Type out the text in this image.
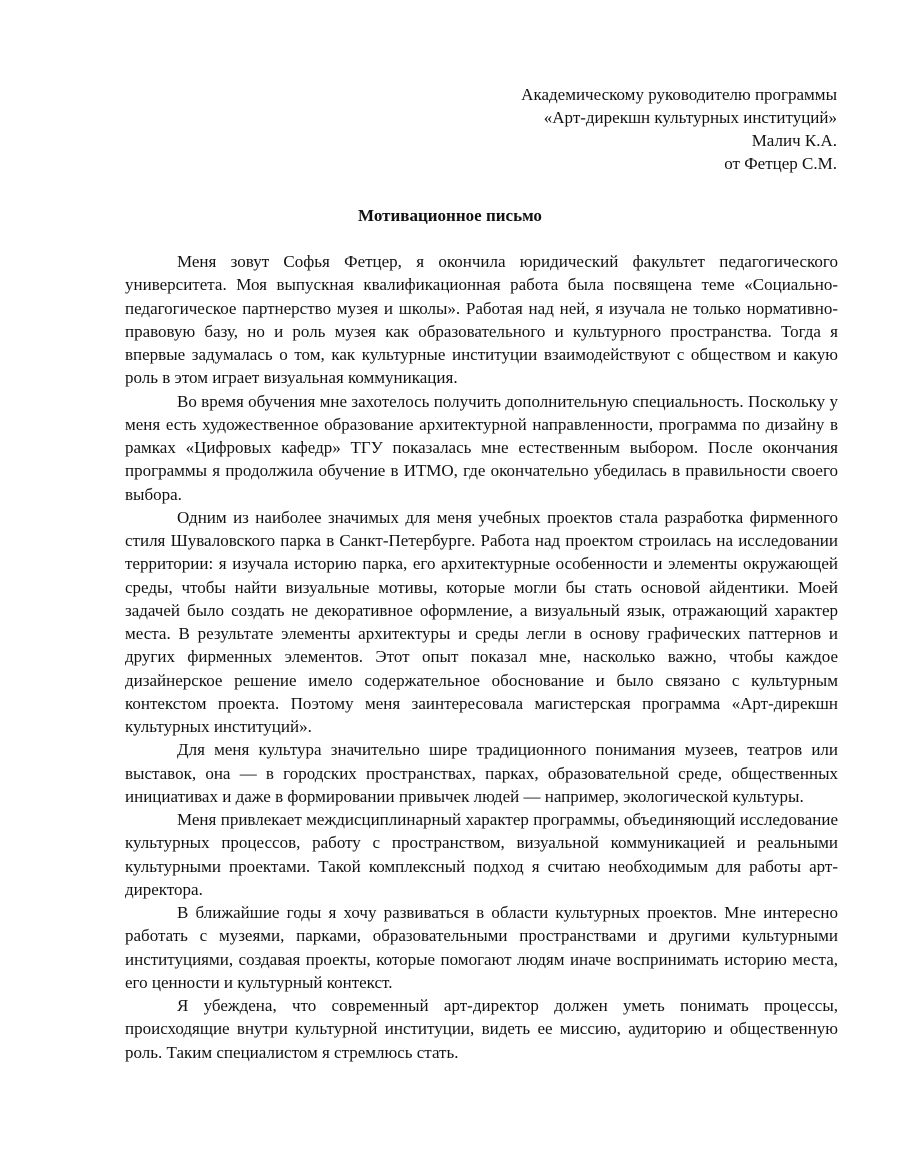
Академическому руководителю программы
«Арт-дирекшн культурных институций»
Малич К.А.
от Фетцер С.М.
Мотивационное письмо

Меня зовут Софья Фетцер, я окончила юридический факультет педагогического университета. Моя выпускная квалификационная работа была посвящена теме «Социально-педагогическое партнерство музея и школы». Работая над ней, я изучала не только нормативно-правовую базу, но и роль музея как образовательного и культурного пространства. Тогда я впервые задумалась о том, как культурные институции взаимодействуют с обществом и какую роль в этом играет визуальная коммуникация.

Во время обучения мне захотелось получить дополнительную специальность. Поскольку у меня есть художественное образование архитектурной направленности, программа по дизайну в рамках «Цифровых кафедр» ТГУ показалась мне естественным выбором. После окончания программы я продолжила обучение в ИТМО, где окончательно убедилась в правильности своего выбора.

Одним из наиболее значимых для меня учебных проектов стала разработка фирменного стиля Шуваловского парка в Санкт-Петербурге. Работа над проектом строилась на исследовании территории: я изучала историю парка, его архитектурные особенности и элементы окружающей среды, чтобы найти визуальные мотивы, которые могли бы стать основой айдентики. Моей задачей было создать не декоративное оформление, а визуальный язык, отражающий характер места. В результате элементы архитектуры и среды легли в основу графических паттернов и других фирменных элементов. Этот опыт показал мне, насколько важно, чтобы каждое дизайнерское решение имело содержательное обоснование и было связано с культурным контекстом проекта. Поэтому меня заинтересовала магистерская программа «Арт-дирекшн культурных институций».

Для меня культура значительно шире традиционного понимания музеев, театров или выставок, она — в городских пространствах, парках, образовательной среде, общественных инициативах и даже в формировании привычек людей — например, экологической культуры.

Меня привлекает междисциплинарный характер программы, объединяющий исследование культурных процессов, работу с пространством, визуальной коммуникацией и реальными культурными проектами. Такой комплексный подход я считаю необходимым для работы арт-директора.

В ближайшие годы я хочу развиваться в области культурных проектов. Мне интересно работать с музеями, парками, образовательными пространствами и другими культурными институциями, создавая проекты, которые помогают людям иначе воспринимать историю места, его ценности и культурный контекст.

Я убеждена, что современный арт-директор должен уметь понимать процессы, происходящие внутри культурной институции, видеть ее миссию, аудиторию и общественную роль. Таким специалистом я стремлюсь стать.
